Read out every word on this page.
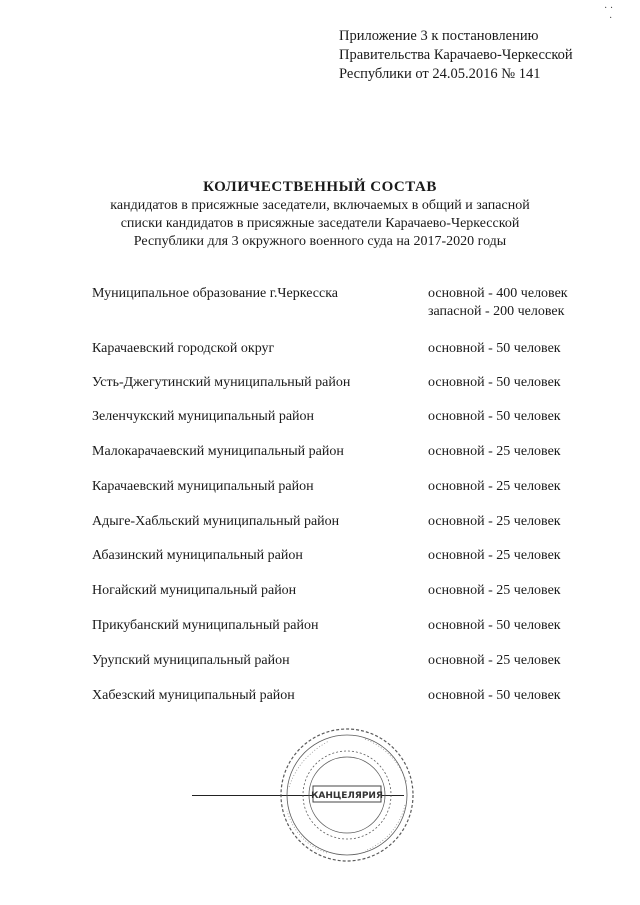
· ·
·
Приложение 3 к постановлению
Правительства Карачаево-Черкесской
Республики от 24.05.2016 № 141
КОЛИЧЕСТВЕННЫЙ СОСТАВ
кандидатов в присяжные заседатели, включаемых в общий и запасной
списки кандидатов в присяжные заседатели Карачаево-Черкесской
Республики для 3 окружного военного суда на 2017-2020 годы
Муниципальное образование г.Черкесска	основной - 400 человек
запасной - 200 человек
Карачаевский городской округ	основной - 50 человек
Усть-Джегутинский муниципальный район	основной - 50 человек
Зеленчукский муниципальный район	основной - 50 человек
Малокарачаевский муниципальный район	основной - 25 человек
Карачаевский муниципальный район	основной - 25 человек
Адыге-Хабльский муниципальный район	основной - 25 человек
Абазинский муниципальный район	основной - 25 человек
Ногайский муниципальный район	основной - 25 человек
Прикубанский муниципальный район	основной - 50 человек
Урупский муниципальный район	основной - 25 человек
Хабезский муниципальный район	основной - 50 человек
КАНЦЕЛЯРИЯ
